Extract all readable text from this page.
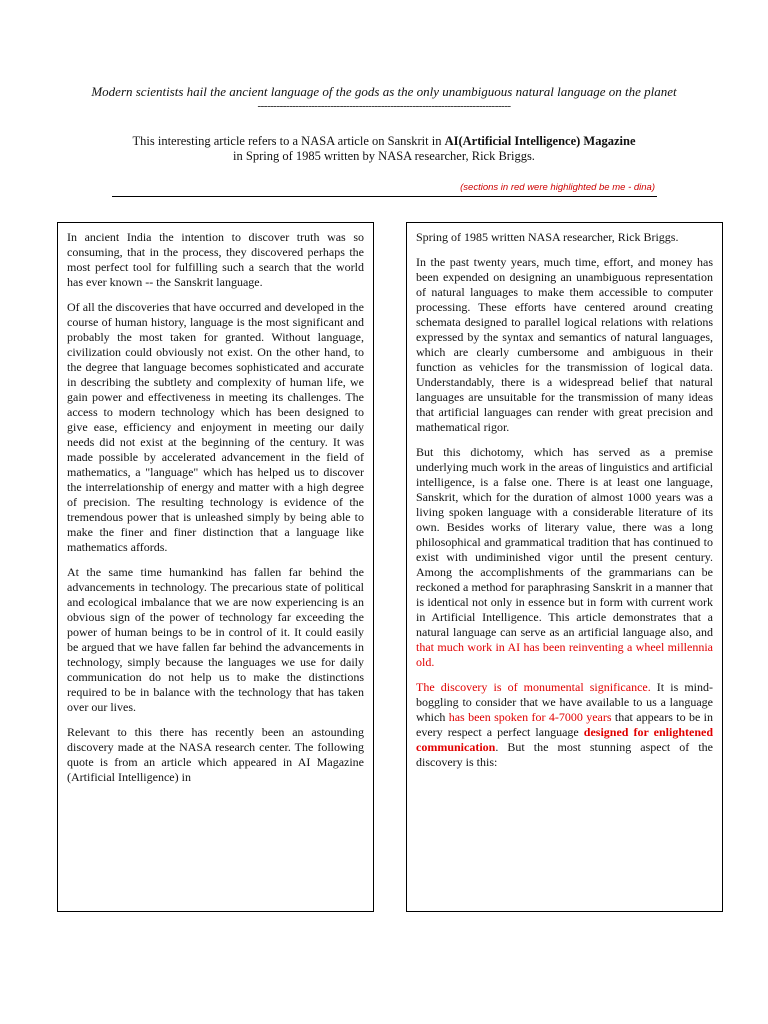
Modern scientists hail the ancient language of the gods as the only unambiguous natural language on the planet
--------------------------------------------------------------------------------
This interesting article refers to a NASA article on Sanskrit in AI(Artificial Intelligence) Magazine
in Spring of 1985 written by NASA researcher, Rick Briggs.
(sections in red were highlighted be me - dina)

In ancient India the intention to discover truth was so consuming, that in the process, they discovered perhaps the most perfect tool for fulfilling such a search that the world has ever known -- the Sanskrit language.

Of all the discoveries that have occurred and developed in the course of human history, language is the most significant and probably the most taken for granted. Without language, civilization could obviously not exist. On the other hand, to the degree that language becomes sophisticated and accurate in describing the subtlety and complexity of human life, we gain power and effectiveness in meeting its challenges. The access to modern technology which has been designed to give ease, efficiency and enjoyment in meeting our daily needs did not exist at the beginning of the century. It was made possible by accelerated advancement in the field of mathematics, a "language" which has helped us to discover the interrelationship of energy and matter with a high degree of precision. The resulting technology is evidence of the tremendous power that is unleashed simply by being able to make the finer and finer distinction that a language like mathematics affords.

At the same time humankind has fallen far behind the advancements in technology. The precarious state of political and ecological imbalance that we are now experiencing is an obvious sign of the power of technology far exceeding the power of human beings to be in control of it. It could easily be argued that we have fallen far behind the advancements in technology, simply because the languages we use for daily communication do not help us to make the distinctions required to be in balance with the technology that has taken over our lives.

Relevant to this there has recently been an astounding discovery made at the NASA research center. The following quote is from an article which appeared in AI Magazine (Artificial Intelligence) in

Spring of 1985 written NASA researcher, Rick Briggs.

In the past twenty years, much time, effort, and money has been expended on designing an unambiguous representation of natural languages to make them accessible to computer processing. These efforts have centered around creating schemata designed to parallel logical relations with relations expressed by the syntax and semantics of natural languages, which are clearly cumbersome and ambiguous in their function as vehicles for the transmission of logical data. Understandably, there is a widespread belief that natural languages are unsuitable for the transmission of many ideas that artificial languages can render with great precision and mathematical rigor.

But this dichotomy, which has served as a premise underlying much work in the areas of linguistics and artificial intelligence, is a false one. There is at least one language, Sanskrit, which for the duration of almost 1000 years was a living spoken language with a considerable literature of its own. Besides works of literary value, there was a long philosophical and grammatical tradition that has continued to exist with undiminished vigor until the present century. Among the accomplishments of the grammarians can be reckoned a method for paraphrasing Sanskrit in a manner that is identical not only in essence but in form with current work in Artificial Intelligence. This article demonstrates that a natural language can serve as an artificial language also, and that much work in AI has been reinventing a wheel millennia old.

The discovery is of monumental significance. It is mind-boggling to consider that we have available to us a language which has been spoken for 4-7000 years that appears to be in every respect a perfect language designed for enlightened communication. But the most stunning aspect of the discovery is this:
